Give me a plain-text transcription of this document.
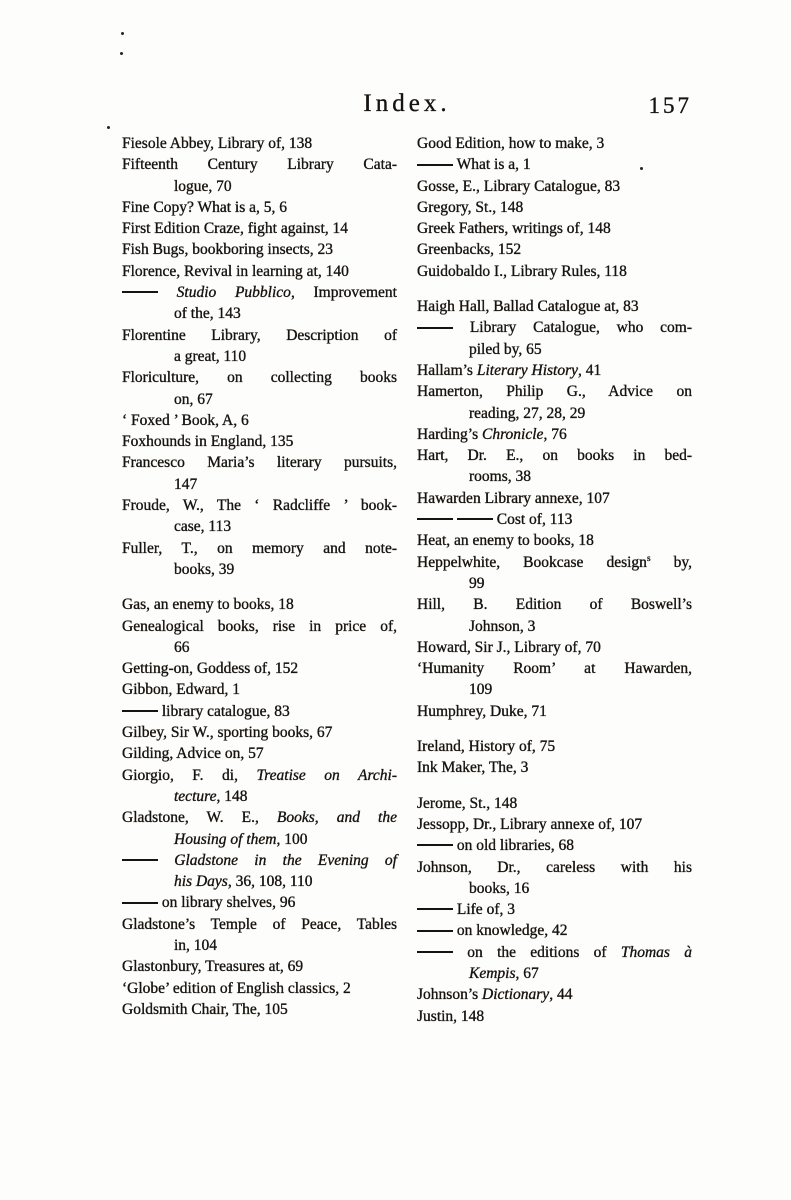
Index.	157
Fiesole Abbey, Library of, 138
Fifteenth Century Library Cata-
logue, 70
Fine Copy? What is a, 5, 6
First Edition Craze, fight against, 14
Fish Bugs, bookboring insects, 23
Florence, Revival in learning at, 140
Studio Pubblico, Improvement
of the, 143
Florentine Library, Description of
a great, 110
Floriculture, on collecting books
on, 67
‘ Foxed ’ Book, A, 6
Foxhounds in England, 135
Francesco Maria’s literary pursuits,
147
Froude, W., The ‘ Radcliffe ’ book-
case, 113
Fuller, T., on memory and note-
books, 39
Gas, an enemy to books, 18
Genealogical books, rise in price of,
66
Getting-on, Goddess of, 152
Gibbon, Edward, 1
library catalogue, 83
Gilbey, Sir W., sporting books, 67
Gilding, Advice on, 57
Giorgio, F. di, Treatise on Archi-
tecture, 148
Gladstone, W. E., Books, and the
Housing of them, 100
Gladstone in the Evening of
his Days, 36, 108, 110
on library shelves, 96
Gladstone’s Temple of Peace, Tables
in, 104
Glastonbury, Treasures at, 69
‘Globe’ edition of English classics, 2
Goldsmith Chair, The, 105
Good Edition, how to make, 3
What is a, 1
Gosse, E., Library Catalogue, 83
Gregory, St., 148
Greek Fathers, writings of, 148
Greenbacks, 152
Guidobaldo I., Library Rules, 118
Haigh Hall, Ballad Catalogue at, 83
Library Catalogue, who com-
piled by, 65
Hallam’s Literary History, 41
Hamerton, Philip G., Advice on
reading, 27, 28, 29
Harding’s Chronicle, 76
Hart, Dr. E., on books in bed-
rooms, 38
Hawarden Library annexe, 107
Cost of, 113
Heat, an enemy to books, 18
Heppelwhite, Bookcase design$^s$ by,
99
Hill, B. Edition of Boswell’s
Johnson, 3
Howard, Sir J., Library of, 70
‘Humanity Room’ at Hawarden,
109
Humphrey, Duke, 71
Ireland, History of, 75
Ink Maker, The, 3
Jerome, St., 148
Jessopp, Dr., Library annexe of, 107
on old libraries, 68
Johnson, Dr., careless with his
books, 16
Life of, 3
on knowledge, 42
on the editions of Thomas à
Kempis, 67
Johnson’s Dictionary, 44
Justin, 148
